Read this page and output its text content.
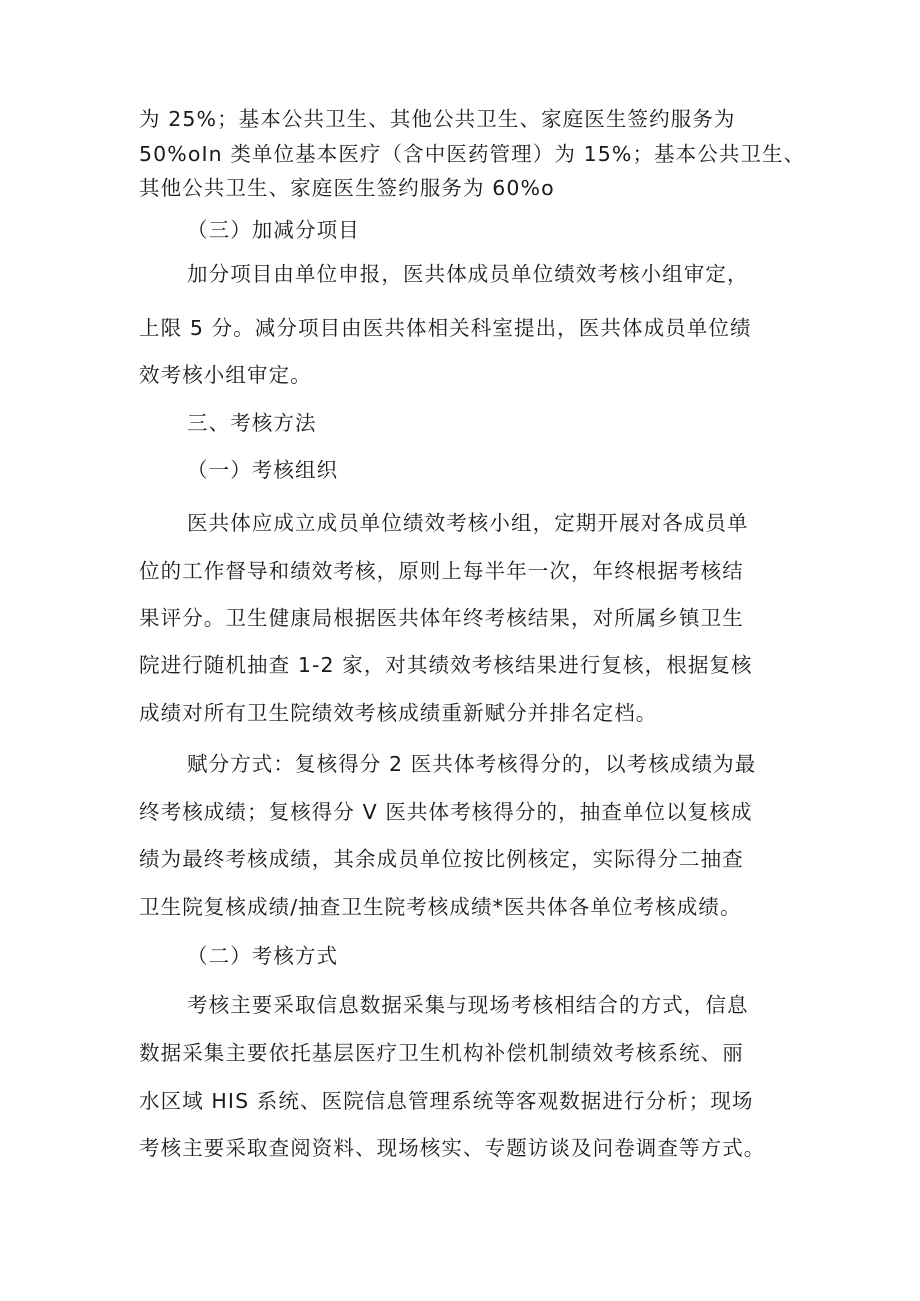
为 25%；基本公共卫生、其他公共卫生、家庭医生签约服务为
50%oIn 类单位基本医疗（含中医药管理）为 15%；基本公共卫生、
其他公共卫生、家庭医生签约服务为 60%o
（三）加减分项目
加分项目由单位申报，医共体成员单位绩效考核小组审定，
上限 5 分。减分项目由医共体相关科室提出，医共体成员单位绩
效考核小组审定。
三、考核方法
（一）考核组织
医共体应成立成员单位绩效考核小组，定期开展对各成员单
位的工作督导和绩效考核，原则上每半年一次，年终根据考核结
果评分。卫生健康局根据医共体年终考核结果，对所属乡镇卫生
院进行随机抽查 1-2 家，对其绩效考核结果进行复核，根据复核
成绩对所有卫生院绩效考核成绩重新赋分并排名定档。
赋分方式：复核得分 2 医共体考核得分的，以考核成绩为最
终考核成绩；复核得分 V 医共体考核得分的，抽查单位以复核成
绩为最终考核成绩，其余成员单位按比例核定，实际得分二抽查
卫生院复核成绩/抽查卫生院考核成绩*医共体各单位考核成绩。
（二）考核方式
考核主要采取信息数据采集与现场考核相结合的方式，信息
数据采集主要依托基层医疗卫生机构补偿机制绩效考核系统、丽
水区域 HIS 系统、医院信息管理系统等客观数据进行分析；现场
考核主要采取查阅资料、现场核实、专题访谈及问卷调查等方式。
